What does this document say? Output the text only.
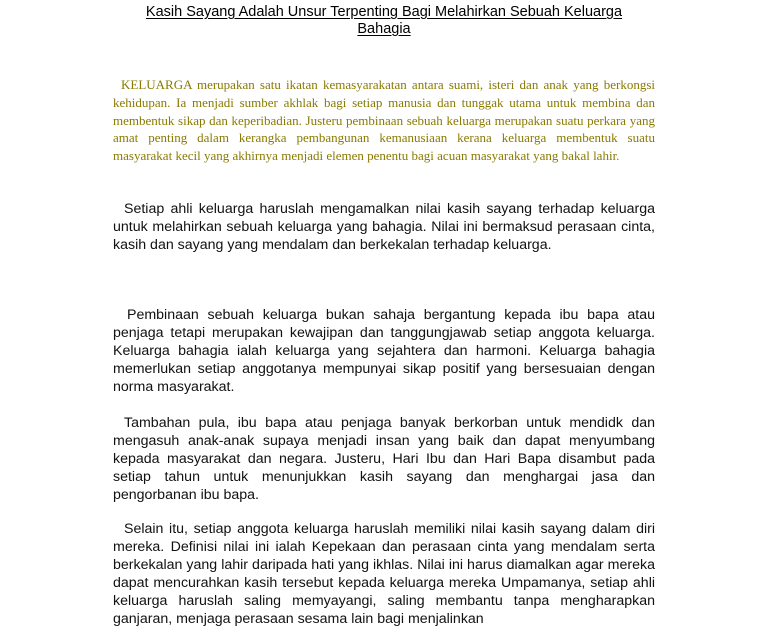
Kasih Sayang Adalah Unsur Terpenting Bagi Melahirkan Sebuah Keluarga Bahagia

KELUARGA merupakan satu ikatan kemasyarakatan antara suami, isteri dan anak yang berkongsi kehidupan. Ia menjadi sumber akhlak bagi setiap manusia dan tunggak utama untuk membina dan membentuk sikap dan keperibadian. Justeru pembinaan sebuah keluarga merupakan suatu perkara yang amat penting dalam kerangka pembangunan kemanusiaan kerana keluarga membentuk suatu masyarakat kecil yang akhirnya menjadi elemen penentu bagi acuan masyarakat yang bakal lahir.

Setiap ahli keluarga haruslah mengamalkan nilai kasih sayang terhadap keluarga untuk melahirkan sebuah keluarga yang bahagia. Nilai ini bermaksud perasaan cinta, kasih dan sayang yang mendalam dan berkekalan terhadap keluarga.

Pembinaan sebuah keluarga bukan sahaja bergantung kepada ibu bapa atau penjaga tetapi merupakan kewajipan dan tanggungjawab setiap anggota keluarga. Keluarga bahagia ialah keluarga yang sejahtera dan harmoni. Keluarga bahagia memerlukan setiap anggotanya mempunyai sikap positif yang bersesuaian dengan norma masyarakat.

Tambahan pula, ibu bapa atau penjaga banyak berkorban untuk mendidk dan mengasuh anak-anak supaya menjadi insan yang baik dan dapat menyumbang kepada masyarakat dan negara. Justeru, Hari Ibu dan Hari Bapa disambut pada setiap tahun untuk menunjukkan kasih sayang dan menghargai jasa dan pengorbanan ibu bapa.

Selain itu, setiap anggota keluarga haruslah memiliki nilai kasih sayang dalam diri mereka. Definisi nilai ini ialah Kepekaan dan perasaan cinta yang mendalam serta berkekalan yang lahir daripada hati yang ikhlas. Nilai ini harus diamalkan agar mereka dapat mencurahkan kasih tersebut kepada keluarga mereka Umpamanya, setiap ahli keluarga haruslah saling memyayangi, saling membantu tanpa mengharapkan ganjaran, menjaga perasaan sesama lain bagi menjalinkan
